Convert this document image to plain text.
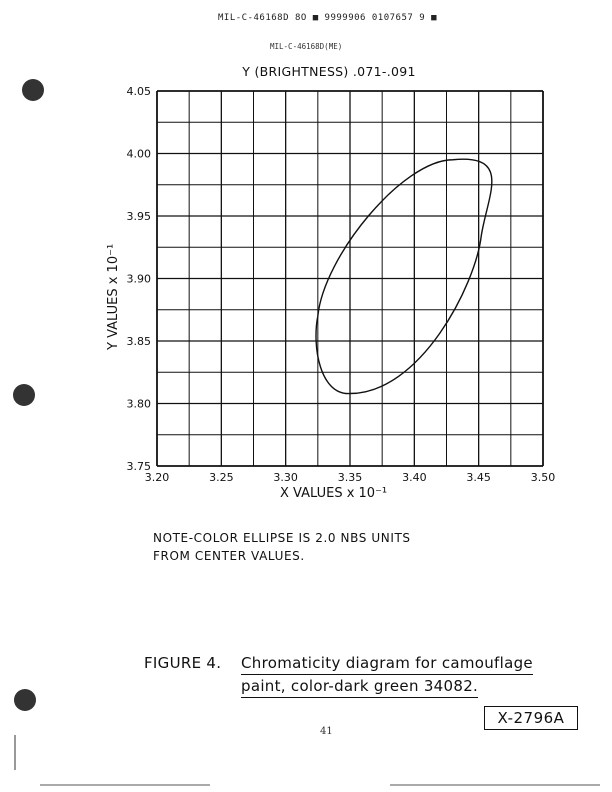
MIL-C-46168D 8O ■ 9999906 0107657 9 ■
MIL-C-46168D(ME)
Y (BRIGHTNESS) .071-.091
3.20	3.25	3.30	3.35	3.40	3.45	3.50
3.75
3.80
3.85
3.90
3.95
4.00
4.05
X VALUES x 10⁻¹
Y VALUES x 10⁻¹
NOTE-COLOR ELLIPSE IS 2.0 NBS UNITS
FROM CENTER VALUES.
FIGURE 4.	Chromaticity diagram for camouflage
paint, color-dark green 34082.
X-2796A
41
